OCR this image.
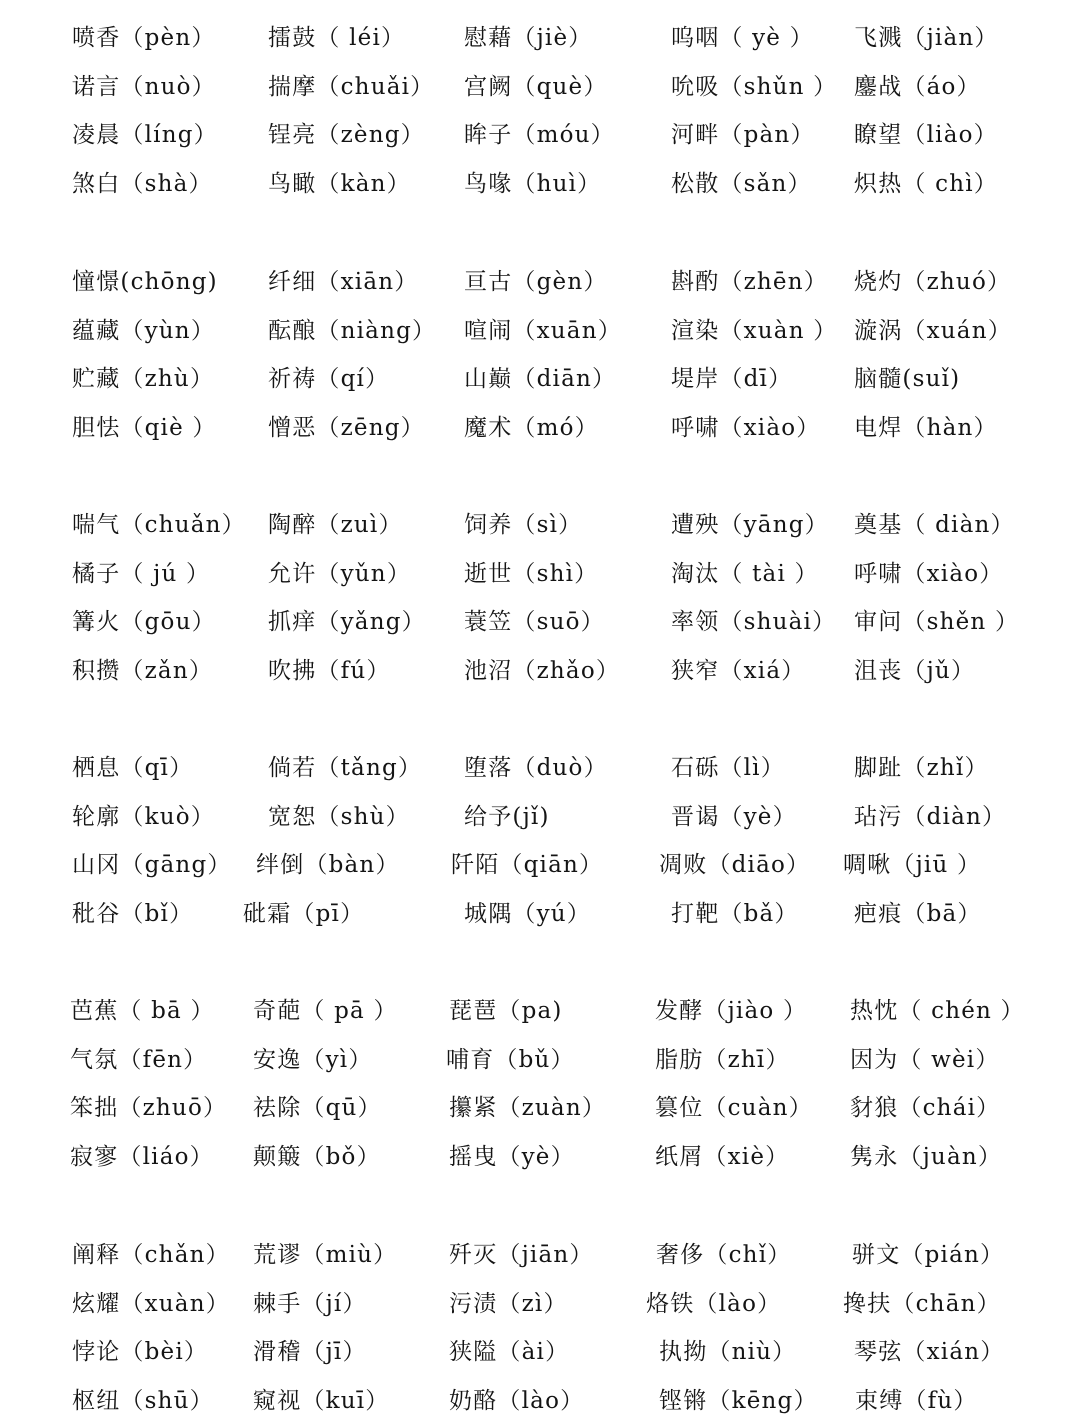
喷香（pèn） 擂鼓（ léi）	慰藉（jiè）	呜咽（ yè ） 飞溅（jiàn）
诺言（nuò） 揣摩（chuǎi） 宫阙（què）	吮吸（shǔn ） 鏖战（áo）
凌晨（líng） 锃亮（zèng） 眸子（móu） 河畔（pàn） 瞭望（liào）
煞白（shà） 鸟瞰（kàn） 鸟喙（huì）	松散（sǎn） 炽热（ chì）
憧憬(chōng) 纤细（xiān） 亘古（gèn）	斟酌（zhēn） 烧灼（zhuó）
蕴藏（yùn） 酝酿（niàng） 喧闹（xuān） 渲染（xuàn ） 漩涡（xuán）
贮藏（zhù） 祈祷（qí）	山巅（diān） 堤岸（dī）	脑髓(suǐ)
胆怯（qiè ） 憎恶（zēng） 魔术（mó）	呼啸（xiào） 电焊（hàn）
喘气（chuǎn） 陶醉（zuì）	饲养（sì）	遭殃（yāng） 奠基（ diàn）
橘子（ jú ）	允许（yǔn） 逝世（shì）	淘汰（ tài ） 呼啸（xiào）
篝火（gōu） 抓痒（yǎng） 蓑笠（suō）	率领（shuài） 审问（shěn ）
积攒（zǎn） 吹拂（fú）	池沼（zhǎo） 狭窄（xiá） 沮丧（jǔ）
栖息（qī）	倘若（tǎng） 堕落（duò）	石砾（lì）	脚趾（zhǐ）
轮廓（kuò） 宽恕（shù） 给予(jǐ)	晋谒（yè） 玷污（diàn）
山冈（gāng） 绊倒（bàn） 阡陌（qiān） 凋败（diāo） 啁啾（jiū ）
秕谷（bǐ） 砒霜（pī）	城隅（yú）	打靶（bǎ） 疤痕（bā）
芭蕉（ bā ） 奇葩（ pā ） 琵琶（pa)	发酵（jiào ） 热忱（ chén ）
气氛（fēn） 安逸（yì）	哺育（bǔ）	脂肪（zhī）	因为（ wèi）
笨拙（zhuō） 祛除（qū）	攥紧（zuàn） 篡位（cuàn） 豺狼（chái）
寂寥（liáo） 颠簸（bǒ）	摇曳（yè）	纸屑（xiè）	隽永（juàn）
阐释（chǎn） 荒谬（miù） 歼灭（jiān）	奢侈（chǐ）	骈文（pián）
炫耀（xuàn） 棘手（jí）	污渍（zì）	烙铁（lào）	搀扶（chān）
悖论（bèi） 滑稽（jī）	狭隘（ài）	执拗（niù）	琴弦（xián）
枢纽（shū） 窥视（kuī）	奶酪（lào）	铿锵（kēng） 束缚（fù）
